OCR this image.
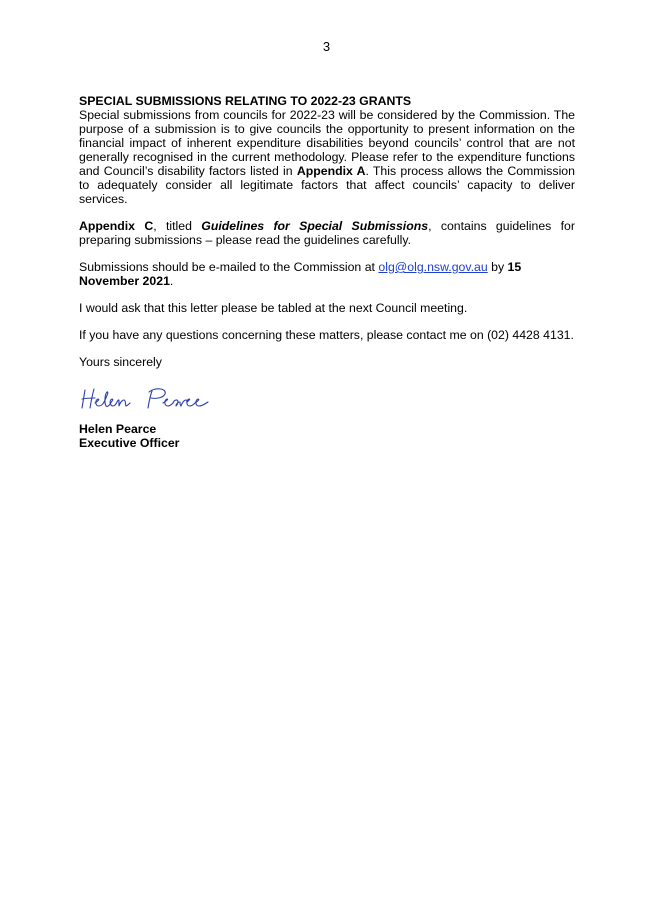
3
SPECIAL SUBMISSIONS RELATING TO 2022-23 GRANTS

Special submissions from councils for 2022-23 will be considered by the Commission. The purpose of a submission is to give councils the opportunity to present information on the financial impact of inherent expenditure disabilities beyond councils’ control that are not generally recognised in the current methodology. Please refer to the expenditure functions and Council’s disability factors listed in Appendix A. This process allows the Commission to adequately consider all legitimate factors that affect councils’ capacity to deliver services.

Appendix C, titled Guidelines for Special Submissions, contains guidelines for preparing submissions – please read the guidelines carefully.

Submissions should be e-mailed to the Commission at olg@olg.nsw.gov.au by 15 November 2021.

I would ask that this letter please be tabled at the next Council meeting.

If you have any questions concerning these matters, please contact me on (02) 4428 4131.

Yours sincerely

Helen Pearce
Executive Officer
